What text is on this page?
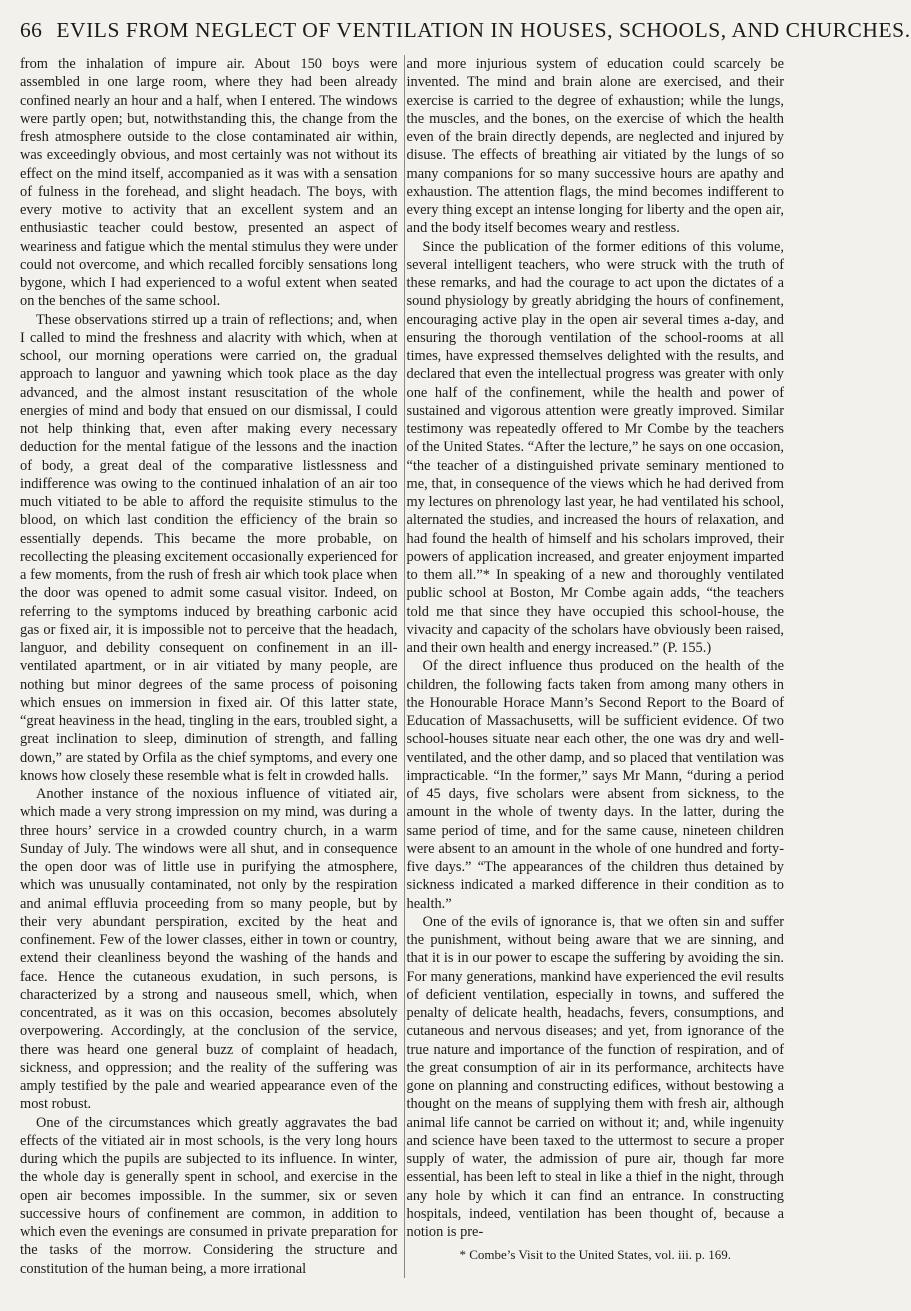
66 EVILS FROM NEGLECT OF VENTILATION IN HOUSES, SCHOOLS, AND CHURCHES.

from the inhalation of impure air. About 150 boys were assembled in one large room, where they had been already confined nearly an hour and a half, when I entered. The windows were partly open; but, notwithstanding this, the change from the fresh atmosphere outside to the close contaminated air within, was exceedingly obvious, and most certainly was not without its effect on the mind itself, accompanied as it was with a sensation of fulness in the forehead, and slight headach. The boys, with every motive to activity that an excellent system and an enthusiastic teacher could bestow, presented an aspect of weariness and fatigue which the mental stimulus they were under could not overcome, and which recalled forcibly sensations long bygone, which I had experienced to a woful extent when seated on the benches of the same school.

These observations stirred up a train of reflections; and, when I called to mind the freshness and alacrity with which, when at school, our morning operations were carried on, the gradual approach to languor and yawning which took place as the day advanced, and the almost instant resuscitation of the whole energies of mind and body that ensued on our dismissal, I could not help thinking that, even after making every necessary deduction for the mental fatigue of the lessons and the inaction of body, a great deal of the comparative listlessness and indifference was owing to the continued inhalation of an air too much vitiated to be able to afford the requisite stimulus to the blood, on which last condition the efficiency of the brain so essentially depends. This became the more probable, on recollecting the pleasing excitement occasionally experienced for a few moments, from the rush of fresh air which took place when the door was opened to admit some casual visitor. Indeed, on referring to the symptoms induced by breathing carbonic acid gas or fixed air, it is impossible not to perceive that the headach, languor, and debility consequent on confinement in an ill-ventilated apartment, or in air vitiated by many people, are nothing but minor degrees of the same process of poisoning which ensues on immersion in fixed air. Of this latter state, “great heaviness in the head, tingling in the ears, troubled sight, a great inclination to sleep, diminution of strength, and falling down,” are stated by Orfila as the chief symptoms, and every one knows how closely these resemble what is felt in crowded halls.

Another instance of the noxious influence of vitiated air, which made a very strong impression on my mind, was during a three hours’ service in a crowded country church, in a warm Sunday of July. The windows were all shut, and in consequence the open door was of little use in purifying the atmosphere, which was unusually contaminated, not only by the respiration and animal effluvia proceeding from so many people, but by their very abundant perspiration, excited by the heat and confinement. Few of the lower classes, either in town or country, extend their cleanliness beyond the washing of the hands and face. Hence the cutaneous exudation, in such persons, is characterized by a strong and nauseous smell, which, when concentrated, as it was on this occasion, becomes absolutely overpowering. Accordingly, at the conclusion of the service, there was heard one general buzz of complaint of headach, sickness, and oppression; and the reality of the suffering was amply testified by the pale and wearied appearance even of the most robust.

One of the circumstances which greatly aggravates the bad effects of the vitiated air in most schools, is the very long hours during which the pupils are subjected to its influence. In winter, the whole day is generally spent in school, and exercise in the open air becomes impossible. In the summer, six or seven successive hours of confinement are common, in addition to which even the evenings are consumed in private preparation for the tasks of the morrow. Considering the structure and constitution of the human being, a more irrational

and more injurious system of education could scarcely be invented. The mind and brain alone are exercised, and their exercise is carried to the degree of exhaustion; while the lungs, the muscles, and the bones, on the exercise of which the health even of the brain directly depends, are neglected and injured by disuse. The effects of breathing air vitiated by the lungs of so many companions for so many successive hours are apathy and exhaustion. The attention flags, the mind becomes indifferent to every thing except an intense longing for liberty and the open air, and the body itself becomes weary and restless.

Since the publication of the former editions of this volume, several intelligent teachers, who were struck with the truth of these remarks, and had the courage to act upon the dictates of a sound physiology by greatly abridging the hours of confinement, encouraging active play in the open air several times a-day, and ensuring the thorough ventilation of the school-rooms at all times, have expressed themselves delighted with the results, and declared that even the intellectual progress was greater with only one half of the confinement, while the health and power of sustained and vigorous attention were greatly improved. Similar testimony was repeatedly offered to Mr Combe by the teachers of the United States. “After the lecture,” he says on one occasion, “the teacher of a distinguished private seminary mentioned to me, that, in consequence of the views which he had derived from my lectures on phrenology last year, he had ventilated his school, alternated the studies, and increased the hours of relaxation, and had found the health of himself and his scholars improved, their powers of application increased, and greater enjoyment imparted to them all.”* In speaking of a new and thoroughly ventilated public school at Boston, Mr Combe again adds, “the teachers told me that since they have occupied this school-house, the vivacity and capacity of the scholars have obviously been raised, and their own health and energy increased.” (P. 155.)

Of the direct influence thus produced on the health of the children, the following facts taken from among many others in the Honourable Horace Mann’s Second Report to the Board of Education of Massachusetts, will be sufficient evidence. Of two school-houses situate near each other, the one was dry and well-ventilated, and the other damp, and so placed that ventilation was impracticable. “In the former,” says Mr Mann, “during a period of 45 days, five scholars were absent from sickness, to the amount in the whole of twenty days. In the latter, during the same period of time, and for the same cause, nineteen children were absent to an amount in the whole of one hundred and forty-five days.” “The appearances of the children thus detained by sickness indicated a marked difference in their condition as to health.”

One of the evils of ignorance is, that we often sin and suffer the punishment, without being aware that we are sinning, and that it is in our power to escape the suffering by avoiding the sin. For many generations, mankind have experienced the evil results of deficient ventilation, especially in towns, and suffered the penalty of delicate health, headachs, fevers, consumptions, and cutaneous and nervous diseases; and yet, from ignorance of the true nature and importance of the function of respiration, and of the great consumption of air in its performance, architects have gone on planning and constructing edifices, without bestowing a thought on the means of supplying them with fresh air, although animal life cannot be carried on without it; and, while ingenuity and science have been taxed to the uttermost to secure a proper supply of water, the admission of pure air, though far more essential, has been left to steal in like a thief in the night, through any hole by which it can find an entrance. In constructing hospitals, indeed, ventilation has been thought of, because a notion is pre-

* Combe’s Visit to the United States, vol. iii. p. 169.
